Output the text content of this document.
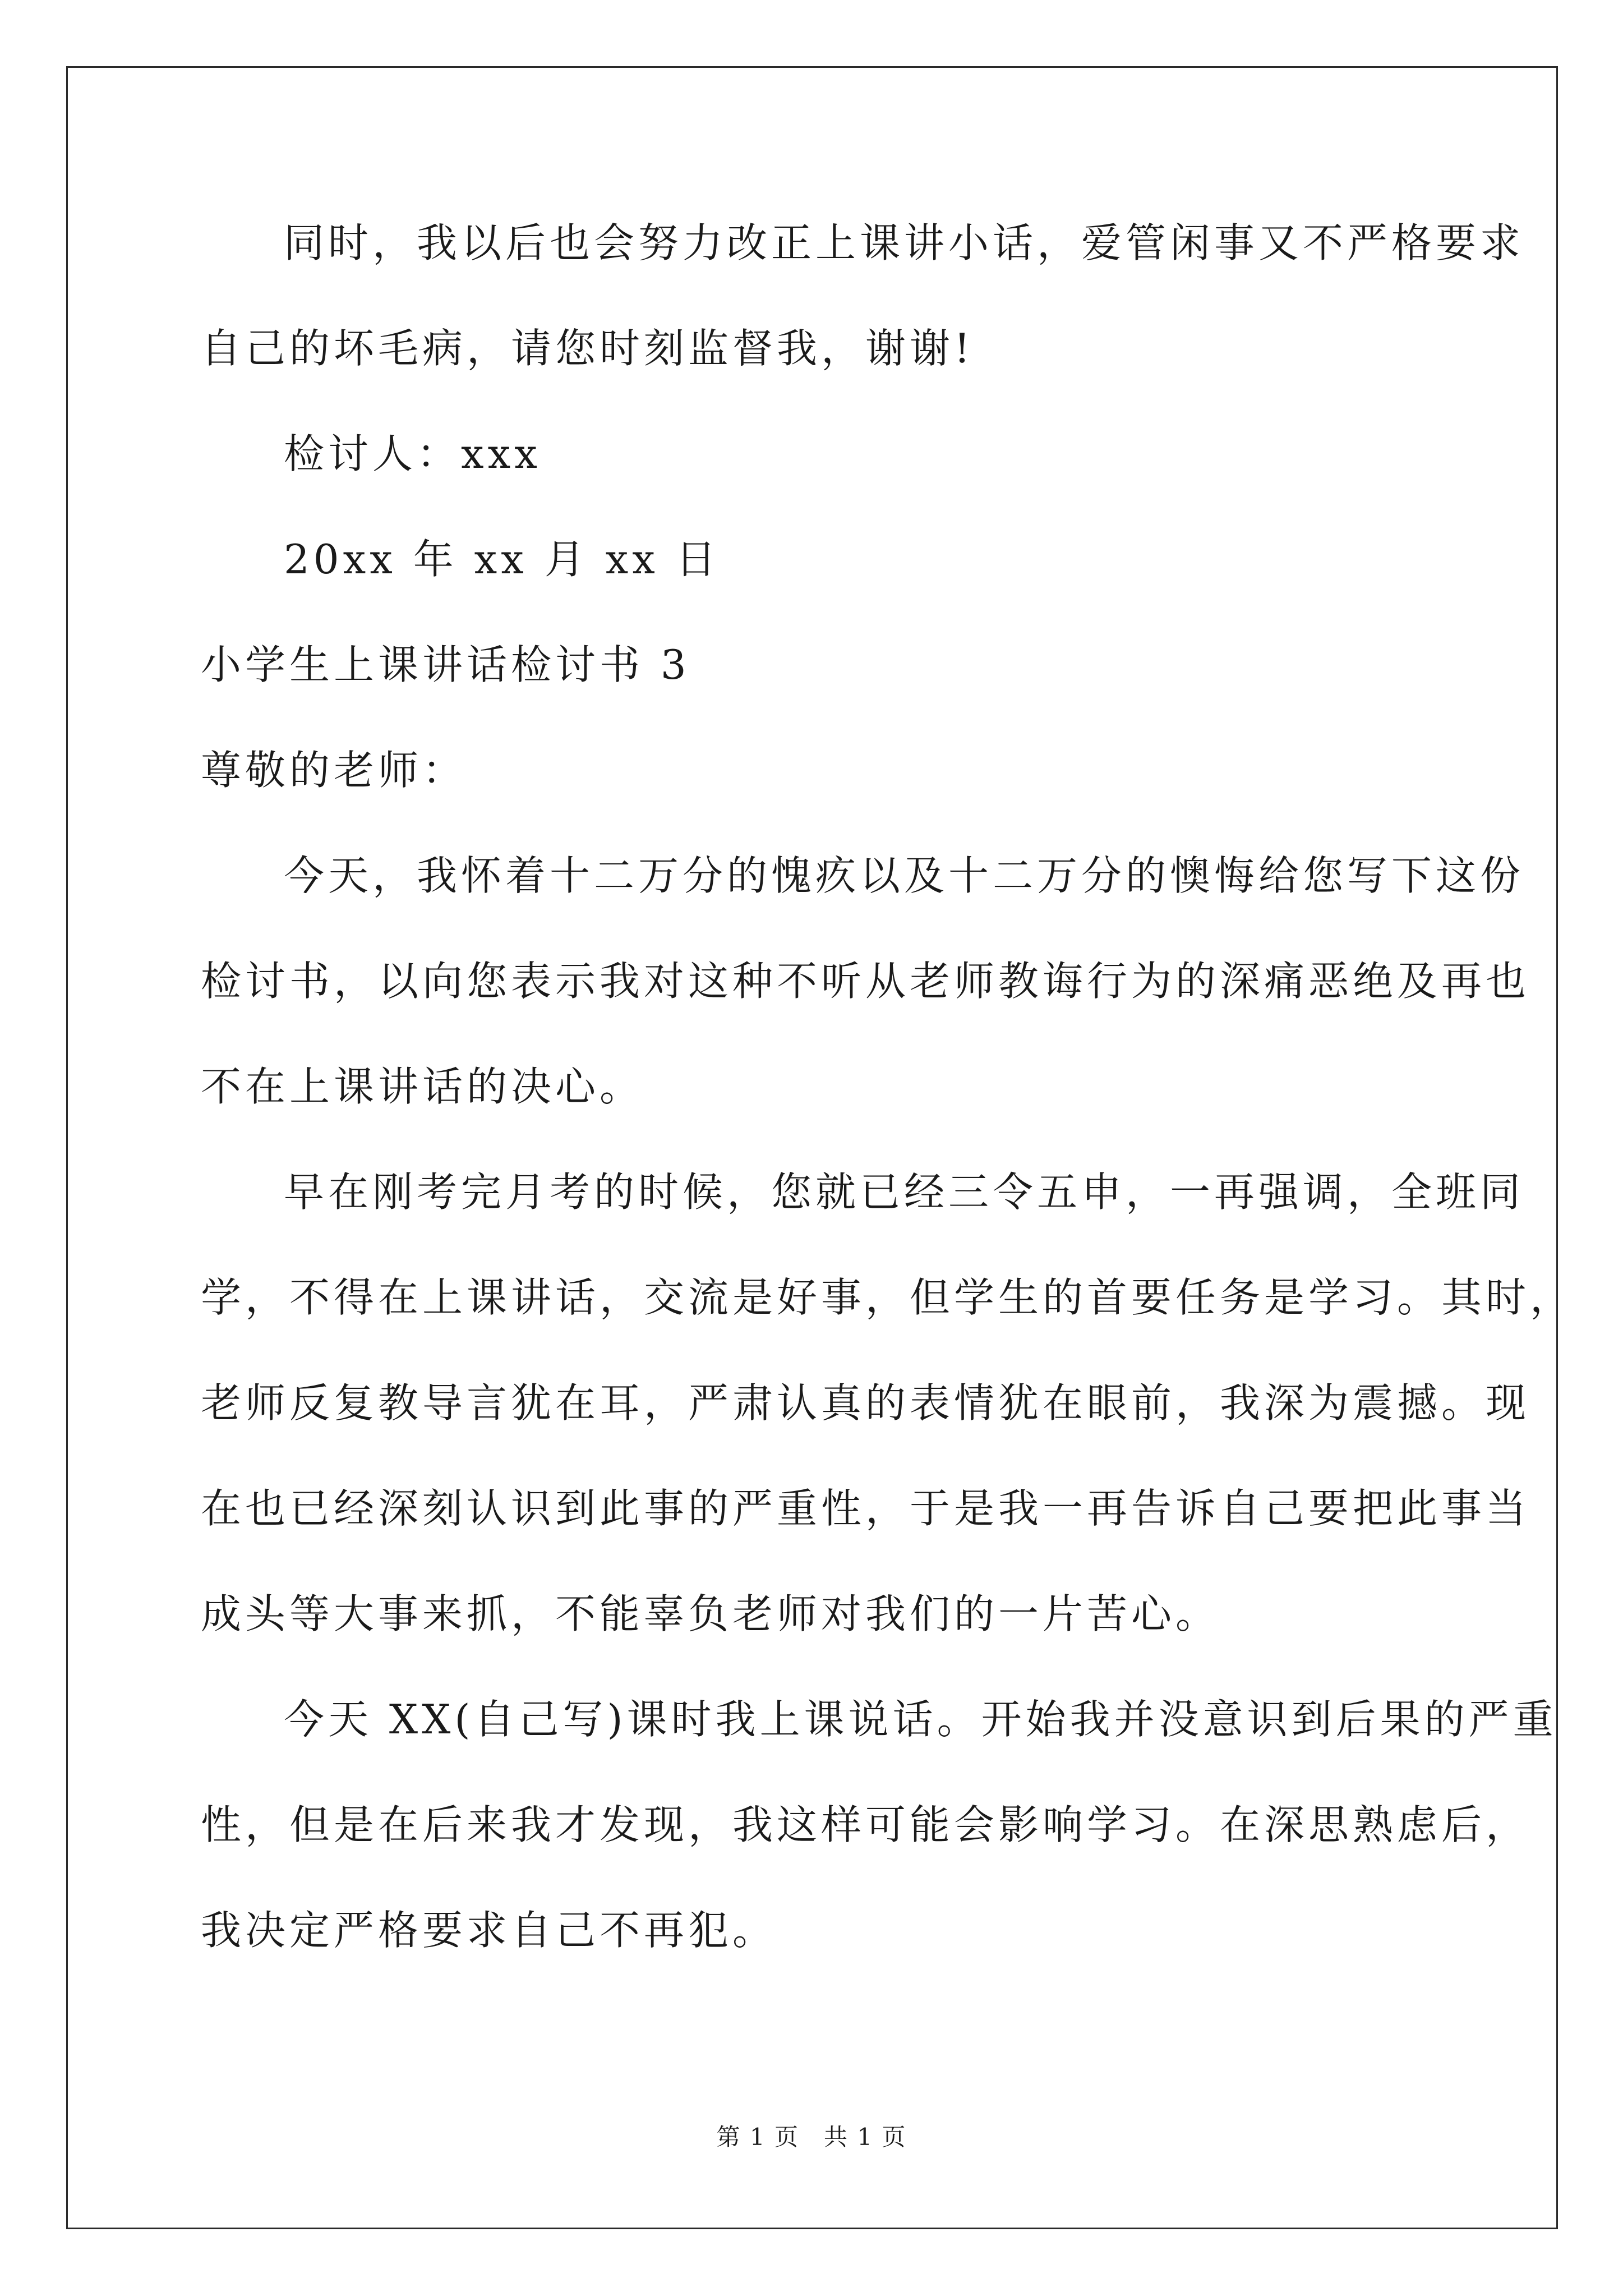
同时，我以后也会努力改正上课讲小话，爱管闲事又不严格要求
自己的坏毛病，请您时刻监督我，谢谢!
检讨人：xxx
20xx 年 xx 月 xx 日
小学生上课讲话检讨书 3
尊敬的老师：
今天，我怀着十二万分的愧疚以及十二万分的懊悔给您写下这份
检讨书，以向您表示我对这种不听从老师教诲行为的深痛恶绝及再也
不在上课讲话的决心。
早在刚考完月考的时候，您就已经三令五申，一再强调，全班同
学，不得在上课讲话，交流是好事，但学生的首要任务是学习。其时，
老师反复教导言犹在耳，严肃认真的表情犹在眼前，我深为震撼。现
在也已经深刻认识到此事的严重性，于是我一再告诉自己要把此事当
成头等大事来抓，不能辜负老师对我们的一片苦心。
今天 XX(自己写)课时我上课说话。开始我并没意识到后果的严重
性，但是在后来我才发现，我这样可能会影响学习。在深思熟虑后，
我决定严格要求自己不再犯。
第 1 页　共 1 页
